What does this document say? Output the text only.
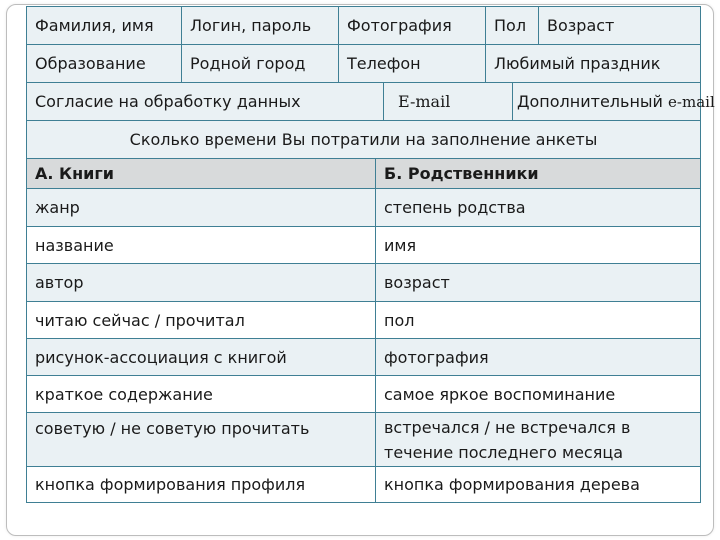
Фамилия, имя	Логин, пароль	Фотография		Пол		Возраст
Образование	Родной город	Телефон		Любимый праздник		
Согласие на обработку данных			E-mail		Дополнительный e-mail	
Сколько времени Вы потратили на заполнение анкеты						
А. Книги	Б. Родственники
жанр	степень родства
название	имя
автор	возраст
читаю сейчас / прочитал	пол
рисунок-ассоциация с книгой	фотография
краткое содержание	самое яркое воспоминание
советую / не советую прочитать	встречался / не встречался в течение последнего месяца
кнопка формирования профиля	кнопка формирования дерева
